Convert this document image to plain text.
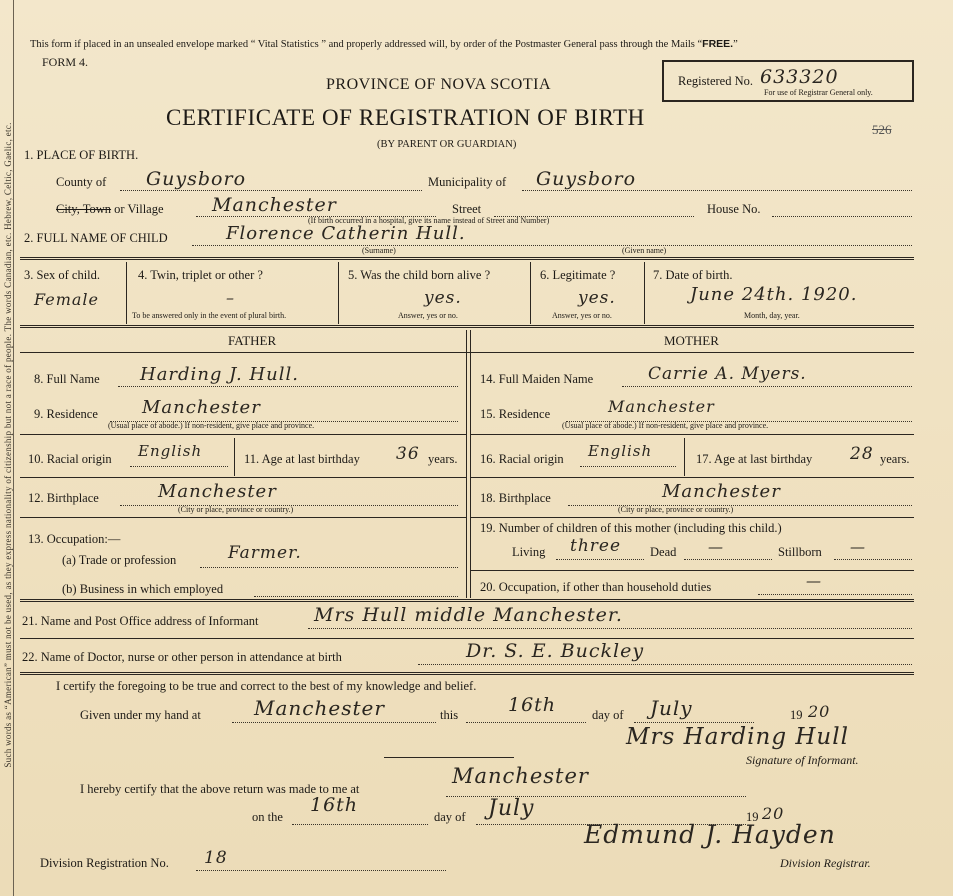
Such words as “American” must not be used, as they express nationality of citizenship but not a race of people. The words Canadian, etc. Hebrew, Celtic, Gaelic, etc.
This form if placed in an unsealed envelope marked “ Vital Statistics ” and properly addressed will, by order of the Postmaster General pass through the Mails “FREE.”
FORM 4.
PROVINCE OF NOVA SCOTIA
CERTIFICATE OF REGISTRATION OF BIRTH
(BY PARENT OR GUARDIAN)
Registered No. 633320
For use of Registrar General only.
526
1. PLACE OF BIRTH.
County of Guysboro	Municipality of Guysboro
City, Town or Village	Manchester	Street	House No.
(If birth occurred in a hospital, give its name instead of Street and Number)
2. FULL NAME OF CHILD	Florence Catherin Hull.
(Surname)	(Given name)
3. Sex of child.
Female
4. Twin, triplet or other ?
–
To be answered only in the event of plural birth.
5. Was the child born alive ?
yes.
Answer, yes or no.
6. Legitimate ?
yes.
Answer, yes or no.
7. Date of birth.
June 24th. 1920.
Month, day, year.
FATHER	MOTHER
8. Full Name Harding J. Hull.
9. Residence Manchester
(Usual place of abode.) If non-resident, give place and province.
10. Racial origin English	11. Age at last birthday 36 years.
12. Birthplace	Manchester
(City or place, province or country.)
13. Occupation:—
(a) Trade or profession	Farmer.
(b) Business in which employed
14. Full Maiden Name	Carrie A. Myers.
15. Residence	Manchester
(Usual place of abode.) If non-resident, give place and province.
16. Racial origin English	17. Age at last birthday 28 years.
18. Birthplace	Manchester
(City or place, province or country.)
19. Number of children of this mother (including this child.)
Living three Dead —	Stillborn —
20. Occupation, if other than household duties	—
21. Name and Post Office address of Informant	Mrs Hull middle Manchester.
22. Name of Doctor, nurse or other person in attendance at birth	Dr. S. E. Buckley
I certify the foregoing to be true and correct to the best of my knowledge and belief.
Given under my hand at	Manchester	this	16th	day of July	19 20
Mrs Harding Hull
Signature of Informant.
I hereby certify that the above return was made to me at
Manchester
on the
16th
day of July	19 20
Division Registration No. 18
Edmund J. Hayden
Division Registrar.
